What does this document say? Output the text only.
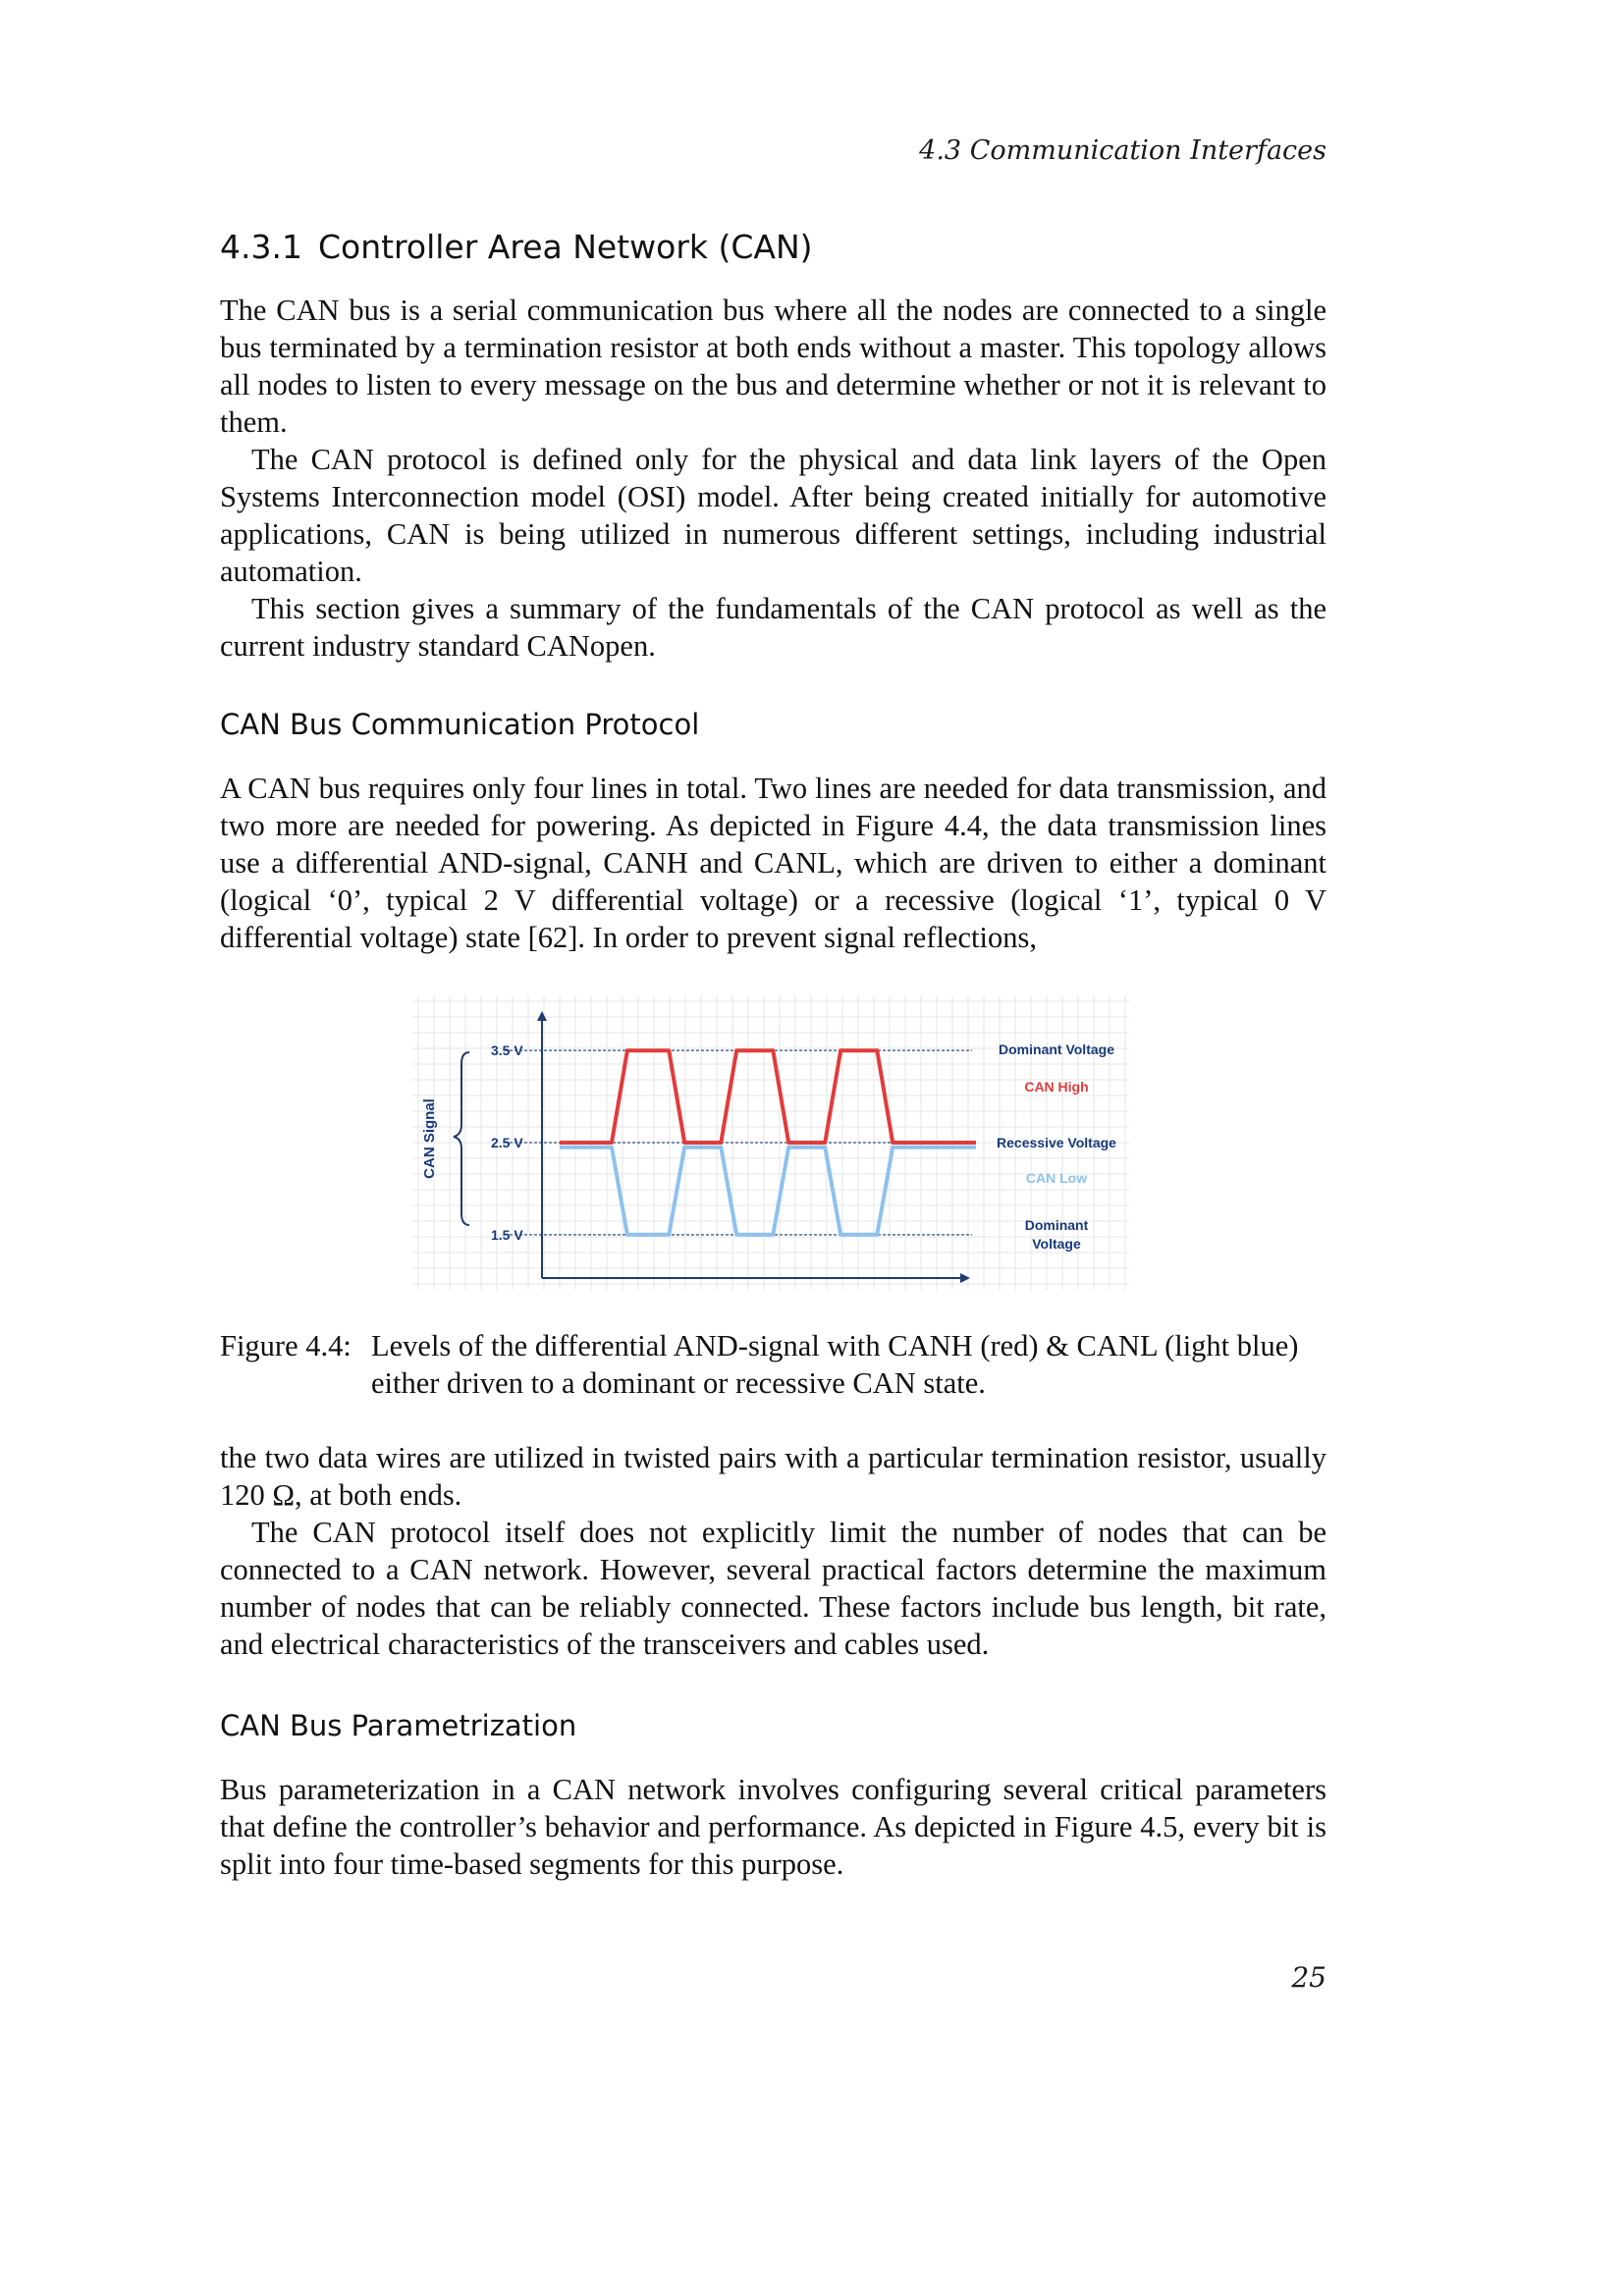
4.3 Communication Interfaces
4.3.1 Controller Area Network (CAN)

The CAN bus is a serial communication bus where all the nodes are connected to a single bus terminated by a termination resistor at both ends without a master. This topology allows all nodes to listen to every message on the bus and determine whether or not it is relevant to them.

The CAN protocol is defined only for the physical and data link layers of the Open Systems Interconnection model (OSI) model. After being created initially for automotive applications, CAN is being utilized in numerous different settings, including industrial automation.

This section gives a summary of the fundamentals of the CAN protocol as well as the current industry standard CANopen.

CAN Bus Communication Protocol

A CAN bus requires only four lines in total. Two lines are needed for data transmission, and two more are needed for powering. As depicted in Figure 4.4, the data transmission lines use a differential AND-signal, CANH and CANL, which are driven to either a dominant (logical ‘0’, typical 2 V differential voltage) or a recessive (logical ‘1’, typical 0 V differential voltage) state [62]. In order to prevent signal reflections,

3.5 V
2.5 V
1.5 V
CAN Signal
Dominant Voltage
CAN High
Recessive Voltage
CAN Low
Dominant
Voltage
Figure 4.4: Levels of the differential AND-signal with CANH (red) & CANL (light blue) either driven to a dominant or recessive CAN state.

the two data wires are utilized in twisted pairs with a particular termination resistor, usually 120 Ω, at both ends.

The CAN protocol itself does not explicitly limit the number of nodes that can be connected to a CAN network. However, several practical factors determine the maximum number of nodes that can be reliably connected. These factors include bus length, bit rate, and electrical characteristics of the transceivers and cables used.

CAN Bus Parametrization

Bus parameterization in a CAN network involves configuring several critical parameters that define the controller’s behavior and performance. As depicted in Figure 4.5, every bit is split into four time-based segments for this purpose.

25
